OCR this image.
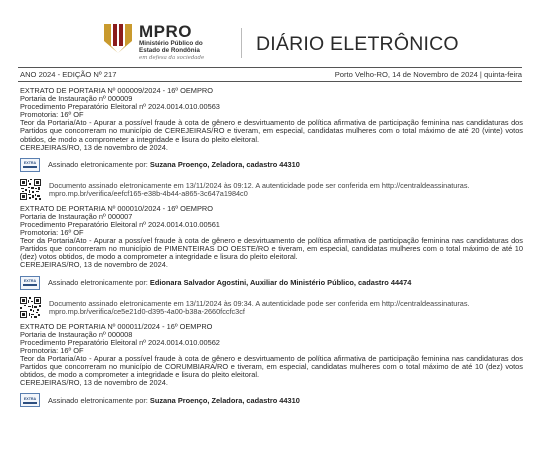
MPRO
Ministério Público do
Estado de Rondônia
em defesa da sociedade
DIÁRIO ELETRÔNICO
ANO 2024 - EDIÇÃO Nº 217	Porto Velho-RO, 14 de Novembro de 2024 | quinta-feira

EXTRATO DE PORTARIA Nº 000009/2024 - 16º OEMPRO

Portaria de Instauração nº 000009

Procedimento Preparatório Eleitoral nº 2024.0014.010.00563

Promotoria: 16º OF

Teor da Portaria/Ato - Apurar a possível fraude à cota de gênero e desvirtuamento de política afirmativa de participação feminina nas candidaturas dos Partidos que concorreram no município de CEREJEIRAS/RO e tiveram, em especial, candidatas mulheres com o total máximo de até 20 (vinte) votos obtidos, de modo a comprometer a integridade e lisura do pleito eleitoral.

CEREJEIRAS/RO, 13 de novembro de 2024.

EXTRA Assinado eletronicamente por: Suzana Proenço, Zeladora, cadastro 44310
Documento assinado eletronicamente em 13/11/2024 às 09:12. A autenticidade pode ser conferida em http://centraldeassinaturas.
mpro.mp.br/verifica/eefcf165-e38b-4b44-a865-3c647a1984c0

EXTRATO DE PORTARIA Nº 000010/2024 - 16º OEMPRO

Portaria de Instauração nº 000007

Procedimento Preparatório Eleitoral nº 2024.0014.010.00561

Promotoria: 16º OF

Teor da Portaria/Ato - Apurar a possível fraude à cota de gênero e desvirtuamento de política afirmativa de participação feminina nas candidaturas dos Partidos que concorreram no município de PIMENTEIRAS DO OESTE/RO e tiveram, em especial, candidatas mulheres com o total máximo de até 10 (dez) votos obtidos, de modo a comprometer a integridade e lisura do pleito eleitoral.

CEREJEIRAS/RO, 13 de novembro de 2024.

EXTRA Assinado eletronicamente por: Edionara Salvador Agostini, Auxiliar do Ministério Público, cadastro 44474
Documento assinado eletronicamente em 13/11/2024 às 09:34. A autenticidade pode ser conferida em http://centraldeassinaturas.
mpro.mp.br/verifica/ce5e21d0-d395-4a00-b38a-2660fccfc3cf

EXTRATO DE PORTARIA Nº 000011/2024 - 16º OEMPRO

Portaria de Instauração nº 000008

Procedimento Preparatório Eleitoral nº 2024.0014.010.00562

Promotoria: 16º OF

Teor da Portaria/Ato - Apurar a possível fraude à cota de gênero e desvirtuamento de política afirmativa de participação feminina nas candidaturas dos Partidos que concorreram no município de CORUMBIARA/RO e tiveram, em especial, candidatas mulheres com o total máximo de até 10 (dez) votos obtidos, de modo a comprometer a integridade e lisura do pleito eleitoral.

CEREJEIRAS/RO, 13 de novembro de 2024.

EXTRA Assinado eletronicamente por: Suzana Proenço, Zeladora, cadastro 44310
